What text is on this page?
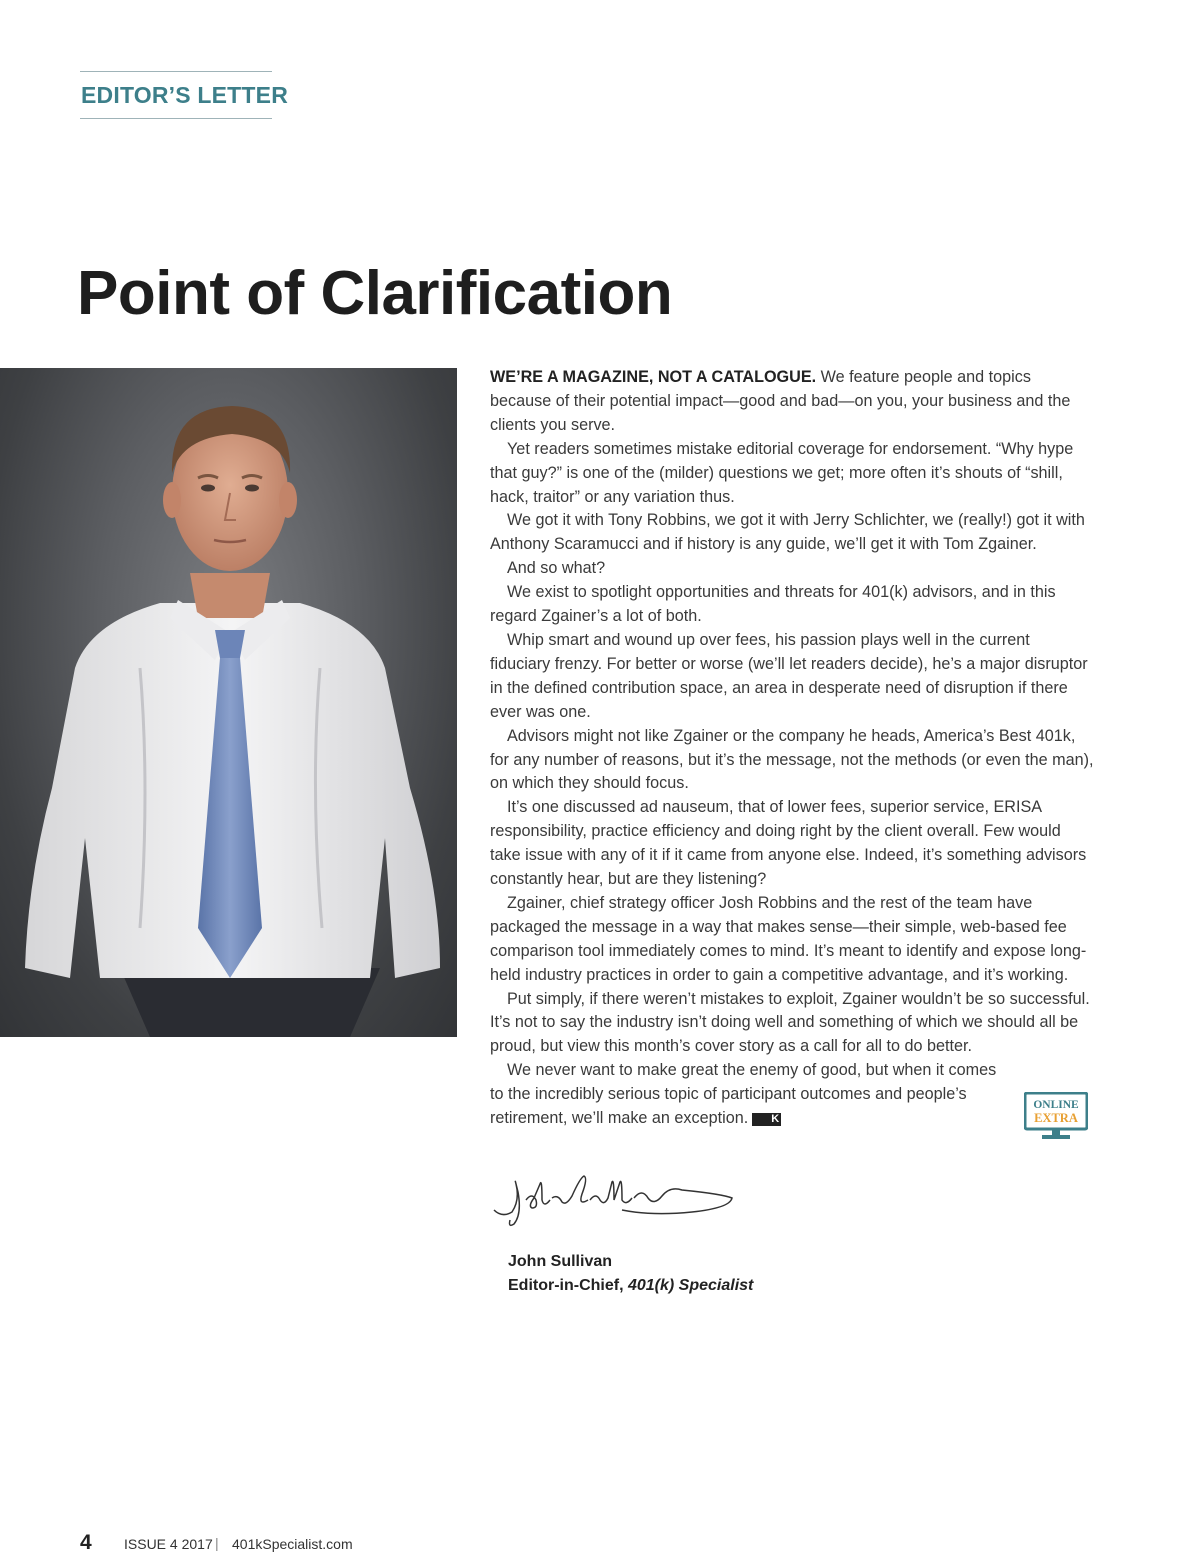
EDITOR’S LETTER
Point of Clarification

WE’RE A MAGAZINE, NOT A CATALOGUE. We feature people and topics because of their potential impact—good and bad—on you, your business and the clients you serve.

Yet readers sometimes mistake editorial coverage for endorsement. “Why hype that guy?” is one of the (milder) questions we get; more often it’s shouts of “shill, hack, traitor” or any variation thus.

We got it with Tony Robbins, we got it with Jerry Schlichter, we (really!) got it with Anthony Scaramucci and if history is any guide, we’ll get it with Tom Zgainer.

And so what?

We exist to spotlight opportunities and threats for 401(k) advisors, and in this regard Zgainer’s a lot of both.

Whip smart and wound up over fees, his passion plays well in the current fiduciary frenzy. For better or worse (we’ll let readers decide), he’s a major disruptor in the defined contribution space, an area in desperate need of disruption if there ever was one.

Advisors might not like Zgainer or the company he heads, America’s Best 401k, for any number of reasons, but it’s the message, not the methods (or even the man), on which they should focus.

It’s one discussed ad nauseum, that of lower fees, superior service, ERISA responsibility, practice efficiency and doing right by the client overall. Few would take issue with any of it if it came from anyone else. Indeed, it’s something advisors constantly hear, but are they listening?

Zgainer, chief strategy officer Josh Robbins and the rest of the team have packaged the message in a way that makes sense—their simple, web-based fee comparison tool immediately comes to mind. It’s meant to identify and expose long-held industry practices in order to gain a competitive advantage, and it’s working.

Put simply, if there weren’t mistakes to exploit, Zgainer wouldn’t be so successful. It’s not to say the industry isn’t doing well and something of which we should all be proud, but view this month’s cover story as a call for all to do better.

We never want to make great the enemy of good, but when it comes to the incredibly serious topic of participant outcomes and people’s retirement, we’ll make an exception. K

ONLINE
EXTRA
John Sullivan
Editor-in-Chief, 401(k) Specialist
4 ISSUE 4 2017 | 401kSpecialist.com
